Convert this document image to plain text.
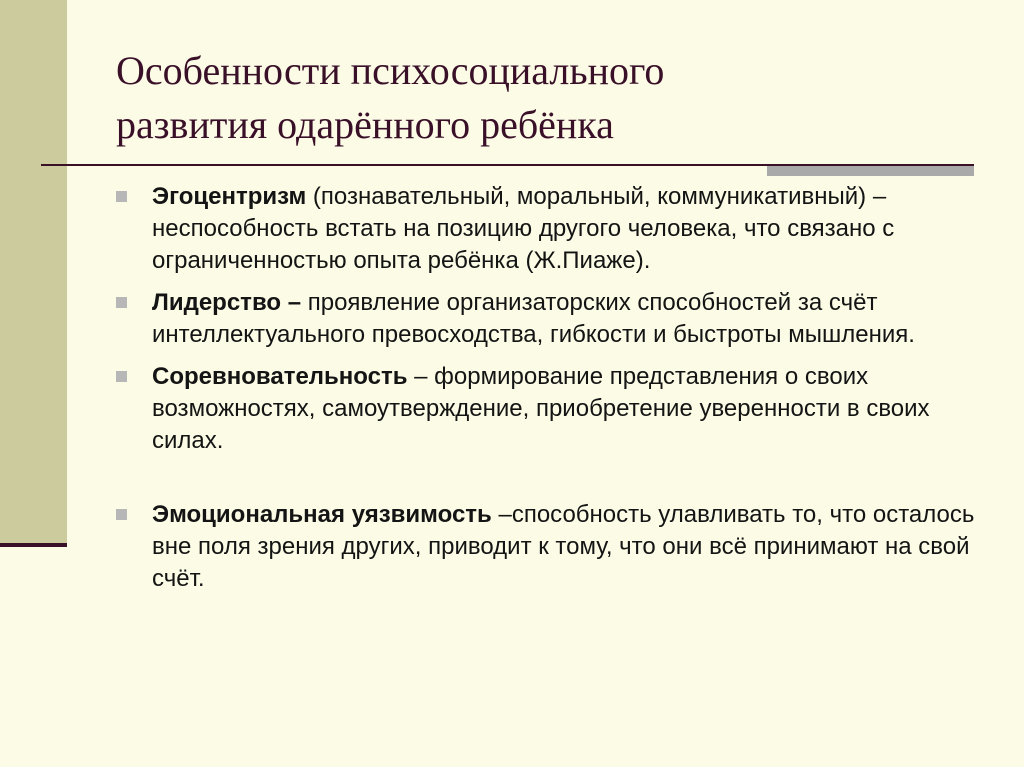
Особенности психосоциального
развития одарённого ребёнка
Эгоцентризм (познавательный, моральный, коммуникативный) – неспособность встать на позицию другого человека, что связано с ограниченностью опыта ребёнка (Ж.Пиаже).
Лидерство – проявление организаторских способностей за счёт интеллектуального превосходства, гибкости и быстроты мышления.
Соревновательность – формирование представления о своих возможностях, самоутверждение, приобретение уверенности в своих силах.
Эмоциональная уязвимость –способность улавливать то, что осталось вне поля зрения других, приводит к тому, что они всё принимают на свой счёт.
